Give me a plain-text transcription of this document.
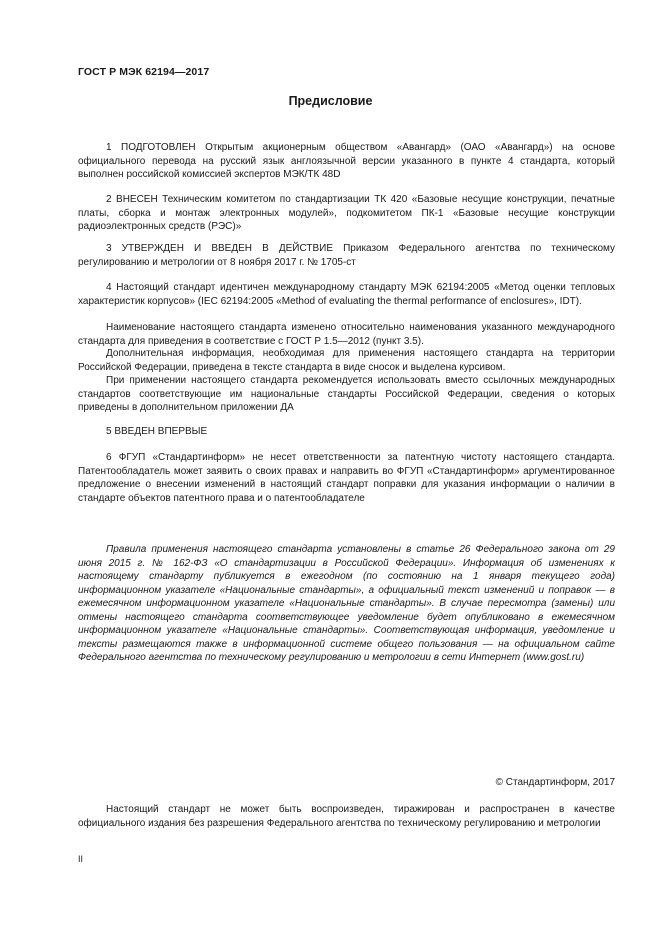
ГОСТ Р МЭК 62194—2017
Предисловие

1 ПОДГОТОВЛЕН Открытым акционерным обществом «Авангард» (ОАО «Авангард») на основе официального перевода на русский язык англоязычной версии указанного в пункте 4 стандарта, который выполнен российской комиссией экспертов МЭК/ТК 48D

2 ВНЕСЕН Техническим комитетом по стандартизации ТК 420 «Базовые несущие конструкции, печатные платы, сборка и монтаж электронных модулей», подкомитетом ПК-1 «Базовые несущие конструкции радиоэлектронных средств (РЭС)»

3 УТВЕРЖДЕН И ВВЕДЕН В ДЕЙСТВИЕ Приказом Федерального агентства по техническому регулированию и метрологии от 8 ноября 2017 г. № 1705-ст

4 Настоящий стандарт идентичен международному стандарту МЭК 62194:2005 «Метод оценки тепловых характеристик корпусов» (IEC 62194:2005 «Method of evaluating the thermal performance of enclosures», IDT).

Наименование настоящего стандарта изменено относительно наименования указанного международного стандарта для приведения в соответствие с ГОСТ Р 1.5—2012 (пункт 3.5).

Дополнительная информация, необходимая для применения настоящего стандарта на территории Российской Федерации, приведена в тексте стандарта в виде сносок и выделена курсивом.

При применении настоящего стандарта рекомендуется использовать вместо ссылочных международных стандартов соответствующие им национальные стандарты Российской Федерации, сведения о которых приведены в дополнительном приложении ДА

5 ВВЕДЕН ВПЕРВЫЕ

6 ФГУП «Стандартинформ» не несет ответственности за патентную чистоту настоящего стандарта. Патентообладатель может заявить о своих правах и направить во ФГУП «Стандартинформ» аргументированное предложение о внесении изменений в настоящий стандарт поправки для указания информации о наличии в стандарте объектов патентного права и о патентообладателе

Правила применения настоящего стандарта установлены в статье 26 Федерального закона от 29 июня 2015 г. № 162-ФЗ «О стандартизации в Российской Федерации». Информация об изменениях к настоящему стандарту публикуется в ежегодном (по состоянию на 1 января текущего года) информационном указателе «Национальные стандарты», а официальный текст изменений и поправок — в ежемесячном информационном указателе «Национальные стандарты». В случае пересмотра (замены) или отмены настоящего стандарта соответствующее уведомление будет опубликовано в ежемесячном информационном указателе «Национальные стандарты». Соответствующая информация, уведомление и тексты размещаются также в информационной системе общего пользования — на официальном сайте Федерального агентства по техническому регулированию и метрологии в сети Интернет (www.gost.ru)

© Стандартинформ, 2017

Настоящий стандарт не может быть воспроизведен, тиражирован и распространен в качестве официального издания без разрешения Федерального агентства по техническому регулированию и метрологии

II
